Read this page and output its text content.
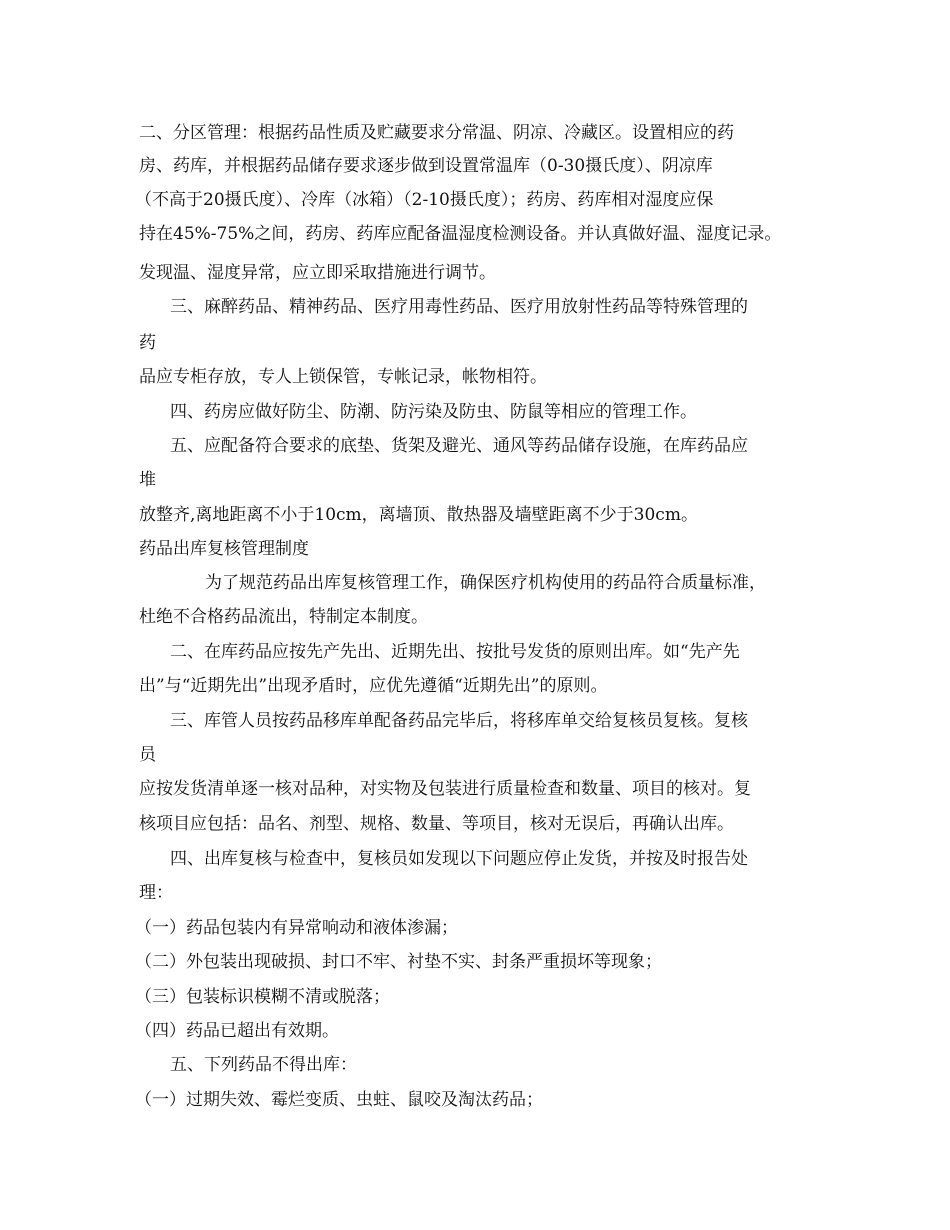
二、分区管理：根据药品性质及贮藏要求分常温、阴凉、冷藏区。设置相应的药

房、药库，并根据药品储存要求逐步做到设置常温库（0-30摄氏度）、阴凉库

（不高于20摄氏度）、冷库（冰箱）（2-10摄氏度）；药房、药库相对湿度应保

持在45%-75%之间，药房、药库应配备温湿度检测设备。并认真做好温、湿度记录。

发现温、湿度异常，应立即采取措施进行调节。

三、麻醉药品、精神药品、医疗用毒性药品、医疗用放射性药品等特殊管理的

药

品应专柜存放，专人上锁保管，专帐记录，帐物相符。

四、药房应做好防尘、防潮、防污染及防虫、防鼠等相应的管理工作。

五、应配备符合要求的底垫、货架及避光、通风等药品储存设施，在库药品应

堆

放整齐,离地距离不小于10cm，离墙顶、散热器及墙壁距离不少于30cm。

药品出库复核管理制度

为了规范药品出库复核管理工作，确保医疗机构使用的药品符合质量标准，

杜绝不合格药品流出，特制定本制度。

二、在库药品应按先产先出、近期先出、按批号发货的原则出库。如“先产先

出”与“近期先出”出现矛盾时，应优先遵循“近期先出”的原则。

三、库管人员按药品移库单配备药品完毕后，将移库单交给复核员复核。复核

员

应按发货清单逐一核对品种，对实物及包装进行质量检查和数量、项目的核对。复

核项目应包括：品名、剂型、规格、数量、等项目，核对无误后，再确认出库。

四、出库复核与检查中，复核员如发现以下问题应停止发货，并按及时报告处

理：

（一）药品包装内有异常响动和液体渗漏；

（二）外包装出现破损、封口不牢、衬垫不实、封条严重损坏等现象；

（三）包装标识模糊不清或脱落；

（四）药品已超出有效期。

五、下列药品不得出库：

（一）过期失效、霉烂变质、虫蛀、鼠咬及淘汰药品；
